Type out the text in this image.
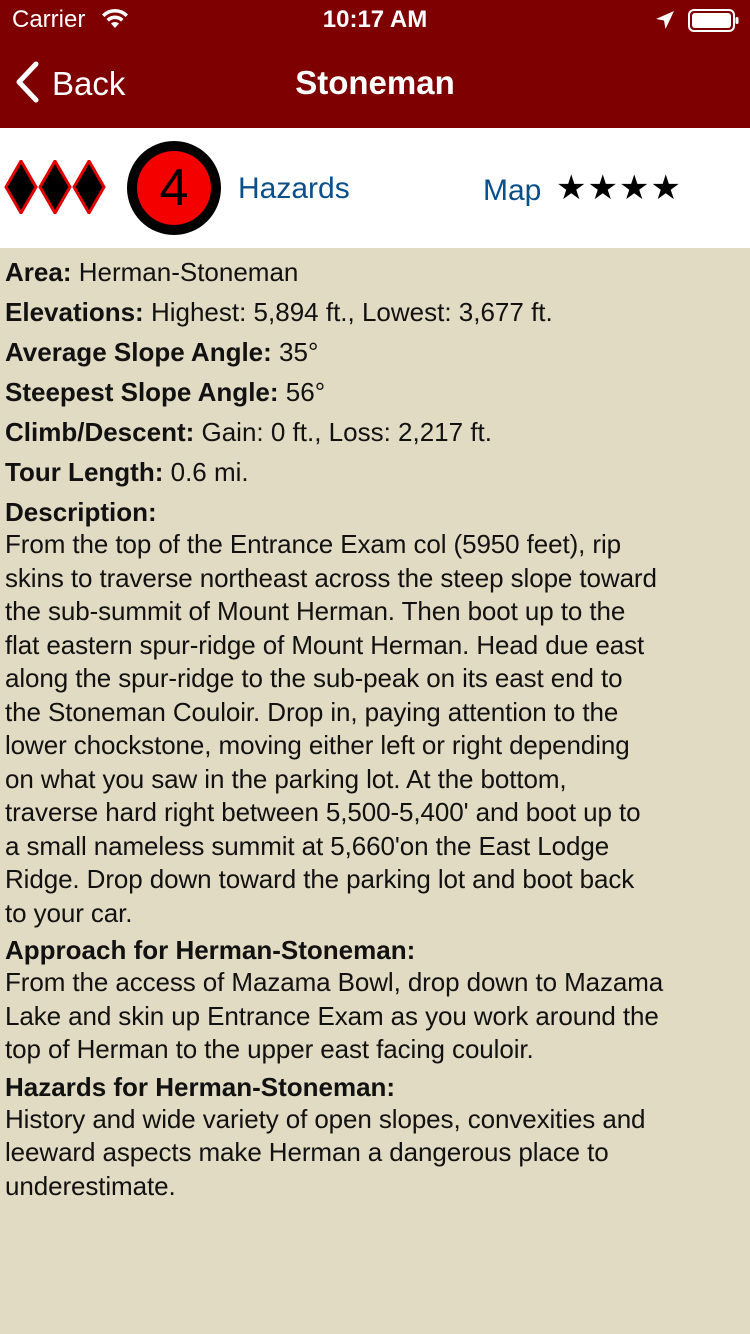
Carrier	10:17 AM
Back	Stoneman
4	Hazards	Map ★★★★
Area: Herman-Stoneman
Elevations: Highest: 5,894 ft., Lowest: 3,677 ft.
Average Slope Angle: 35°
Steepest Slope Angle: 56°
Climb/Descent: Gain: 0 ft., Loss: 2,217 ft.
Tour Length: 0.6 mi.
Description:
From the top of the Entrance Exam col (5950 feet), rip
skins to traverse northeast across the steep slope toward
the sub-summit of Mount Herman. Then boot up to the
flat eastern spur-ridge of Mount Herman. Head due east
along the spur-ridge to the sub-peak on its east end to
the Stoneman Couloir. Drop in, paying attention to the
lower chockstone, moving either left or right depending
on what you saw in the parking lot. At the bottom,
traverse hard right between 5,500-5,400' and boot up to
a small nameless summit at 5,660'on the East Lodge
Ridge. Drop down toward the parking lot and boot back
to your car.
Approach for Herman-Stoneman:
From the access of Mazama Bowl, drop down to Mazama
Lake and skin up Entrance Exam as you work around the
top of Herman to the upper east facing couloir.
Hazards for Herman-Stoneman:
History and wide variety of open slopes, convexities and
leeward aspects make Herman a dangerous place to
underestimate.
